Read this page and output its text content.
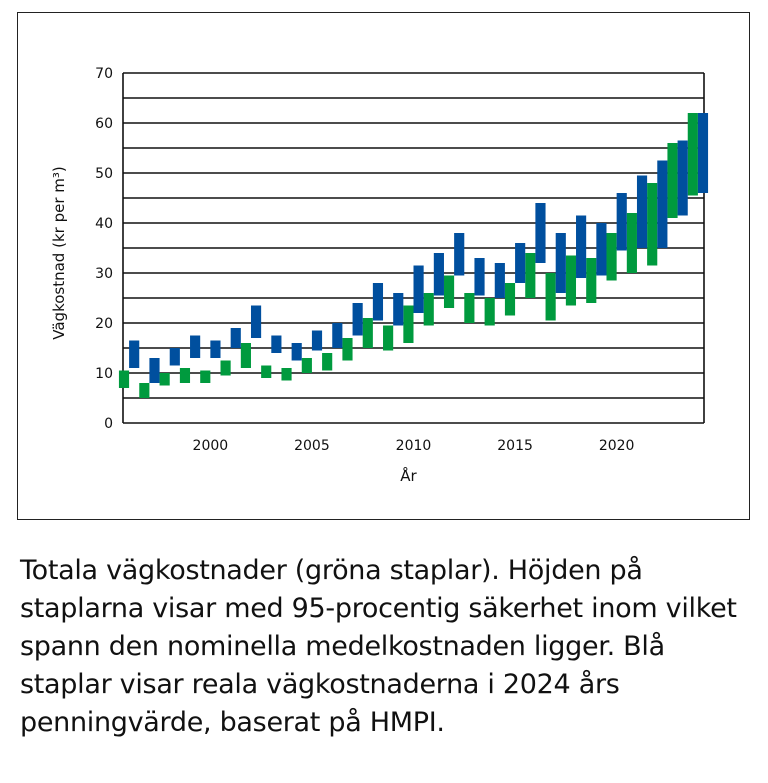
0
10
20
30
40
50
60
70
2000	2005	2010	2015	2020
År
Vägkostnad (kr per m³)

Totala vägkostnader (gröna staplar). Höjden på staplarna visar med 95-procentig säkerhet inom vilket spann den nominella medelkostnaden ligger. Blå staplar visar reala vägkostnaderna i 2024 års penningvärde, baserat på HMPI.
